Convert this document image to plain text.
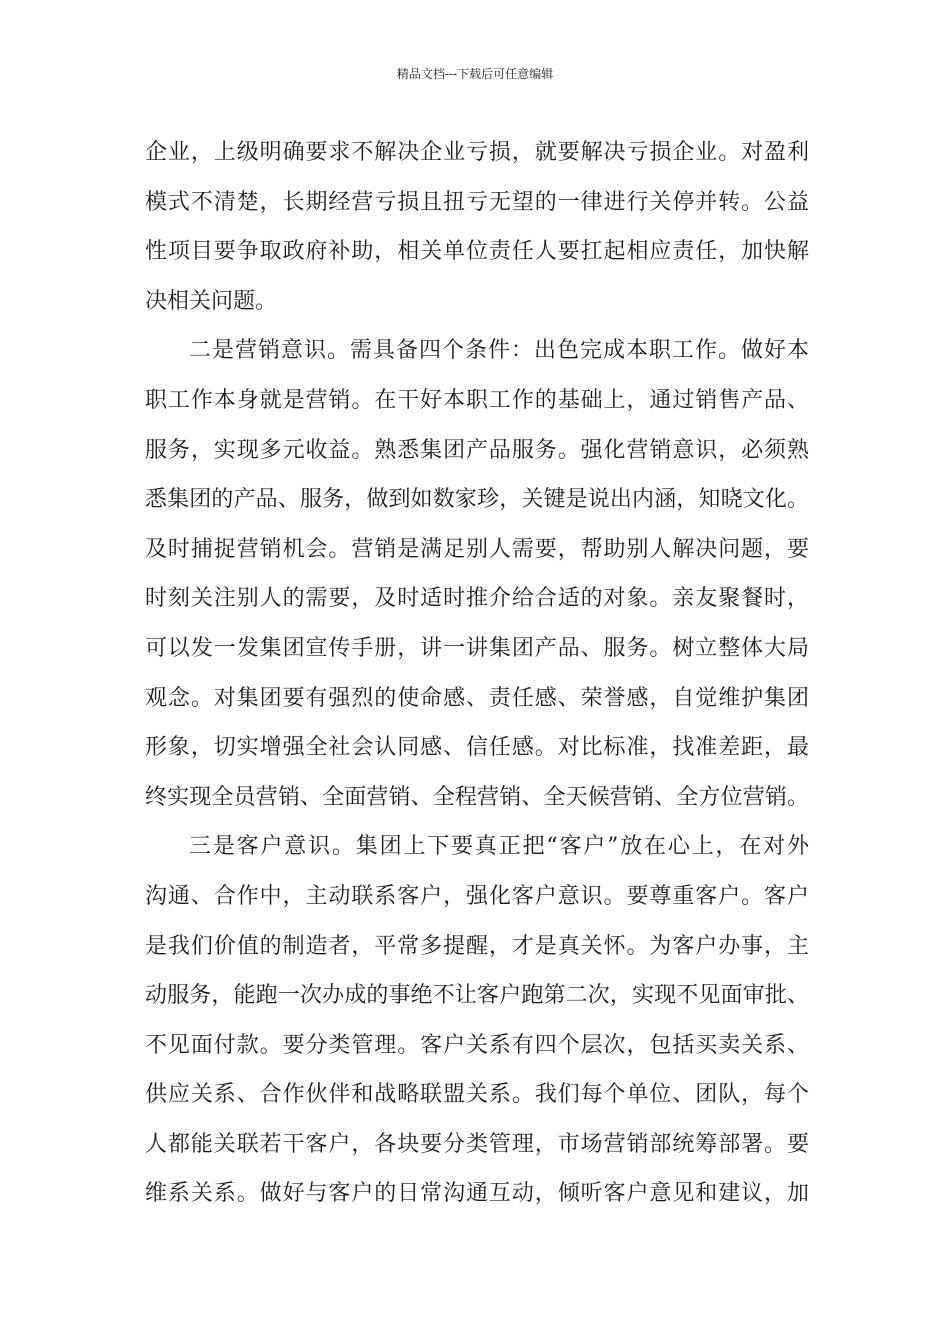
精品文档---下载后可任意编辑
企业，上级明确要求不解决企业亏损，就要解决亏损企业。对盈利
模式不清楚，长期经营亏损且扭亏无望的一律进行关停并转。公益
性项目要争取政府补助，相关单位责任人要扛起相应责任，加快解
决相关问题。
二是营销意识。需具备四个条件：出色完成本职工作。做好本
职工作本身就是营销。在干好本职工作的基础上，通过销售产品、
服务，实现多元收益。熟悉集团产品服务。强化营销意识，必须熟
悉集团的产品、服务，做到如数家珍，关键是说出内涵，知晓文化。
及时捕捉营销机会。营销是满足别人需要，帮助别人解决问题，要
时刻关注别人的需要，及时适时推介给合适的对象。亲友聚餐时，
可以发一发集团宣传手册，讲一讲集团产品、服务。树立整体大局
观念。对集团要有强烈的使命感、责任感、荣誉感，自觉维护集团
形象，切实增强全社会认同感、信任感。对比标准，找准差距，最
终实现全员营销、全面营销、全程营销、全天候营销、全方位营销。
三是客户意识。集团上下要真正把“客户”放在心上，在对外
沟通、合作中，主动联系客户，强化客户意识。要尊重客户。客户
是我们价值的制造者，平常多提醒，才是真关怀。为客户办事，主
动服务，能跑一次办成的事绝不让客户跑第二次，实现不见面审批、
不见面付款。要分类管理。客户关系有四个层次，包括买卖关系、
供应关系、合作伙伴和战略联盟关系。我们每个单位、团队，每个
人都能关联若干客户，各块要分类管理，市场营销部统筹部署。要
维系关系。做好与客户的日常沟通互动，倾听客户意见和建议，加
